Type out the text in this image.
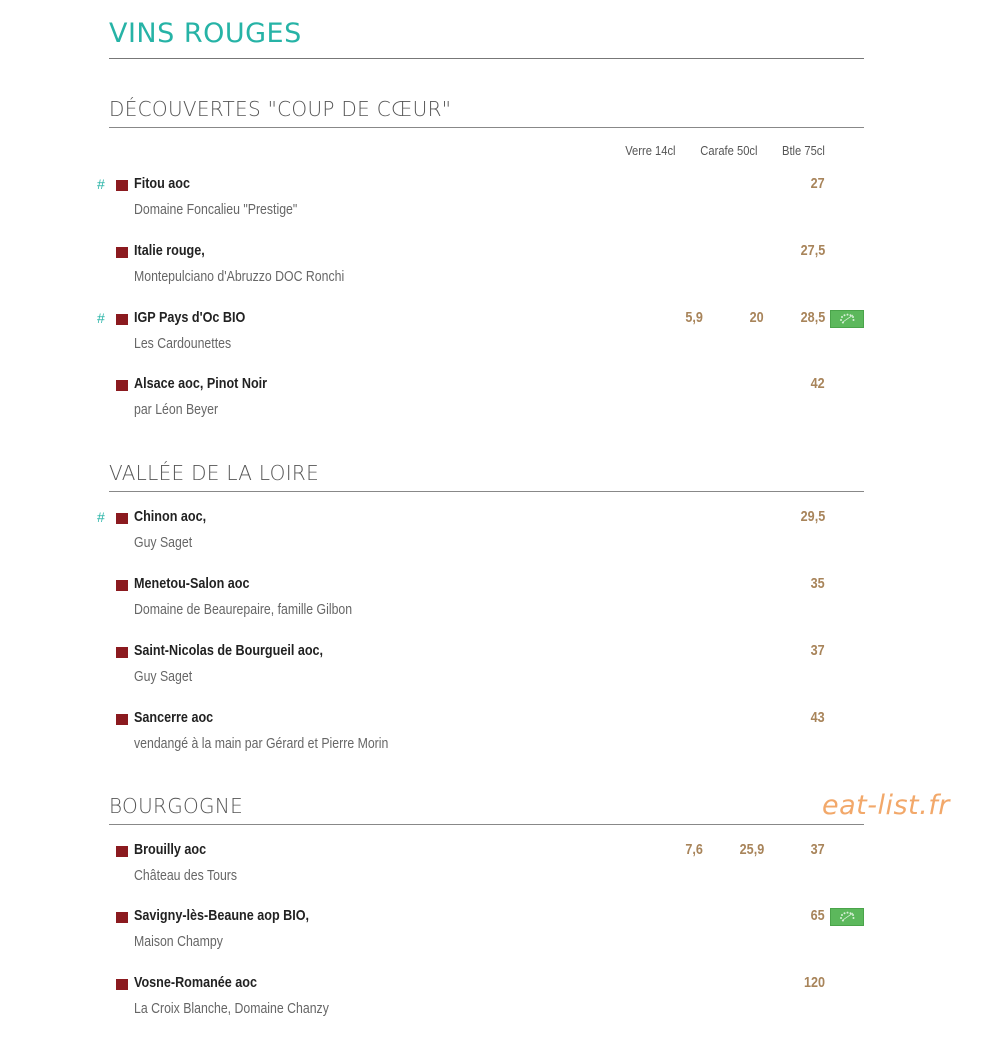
VINS ROUGES
DÉCOUVERTES "COUP DE CŒUR"
Verre 14cl Carafe 50cl Btle 75cl
# Fitou aoc
Domaine Foncalieu "Prestige"
27
Italie rouge,
Montepulciano d'Abruzzo DOC Ronchi
27,5
# IGP Pays d'Oc BIO
Les Cardounettes
5,9	20 28,5
Alsace aoc, Pinot Noir
par Léon Beyer
42
VALLÉE DE LA LOIRE
# Chinon aoc,
Guy Saget
29,5
Menetou-Salon aoc
Domaine de Beaurepaire, famille Gilbon
35
Saint-Nicolas de Bourgueil aoc,
Guy Saget
37
Sancerre aoc
vendangé à la main par Gérard et Pierre Morin
43
BOURGOGNE
Brouilly aoc
Château des Tours
7,6 25,9	37
Savigny-lès-Beaune aop BIO,
Maison Champy
65
Vosne-Romanée aoc
La Croix Blanche, Domaine Chanzy
120
eat-list.fr
